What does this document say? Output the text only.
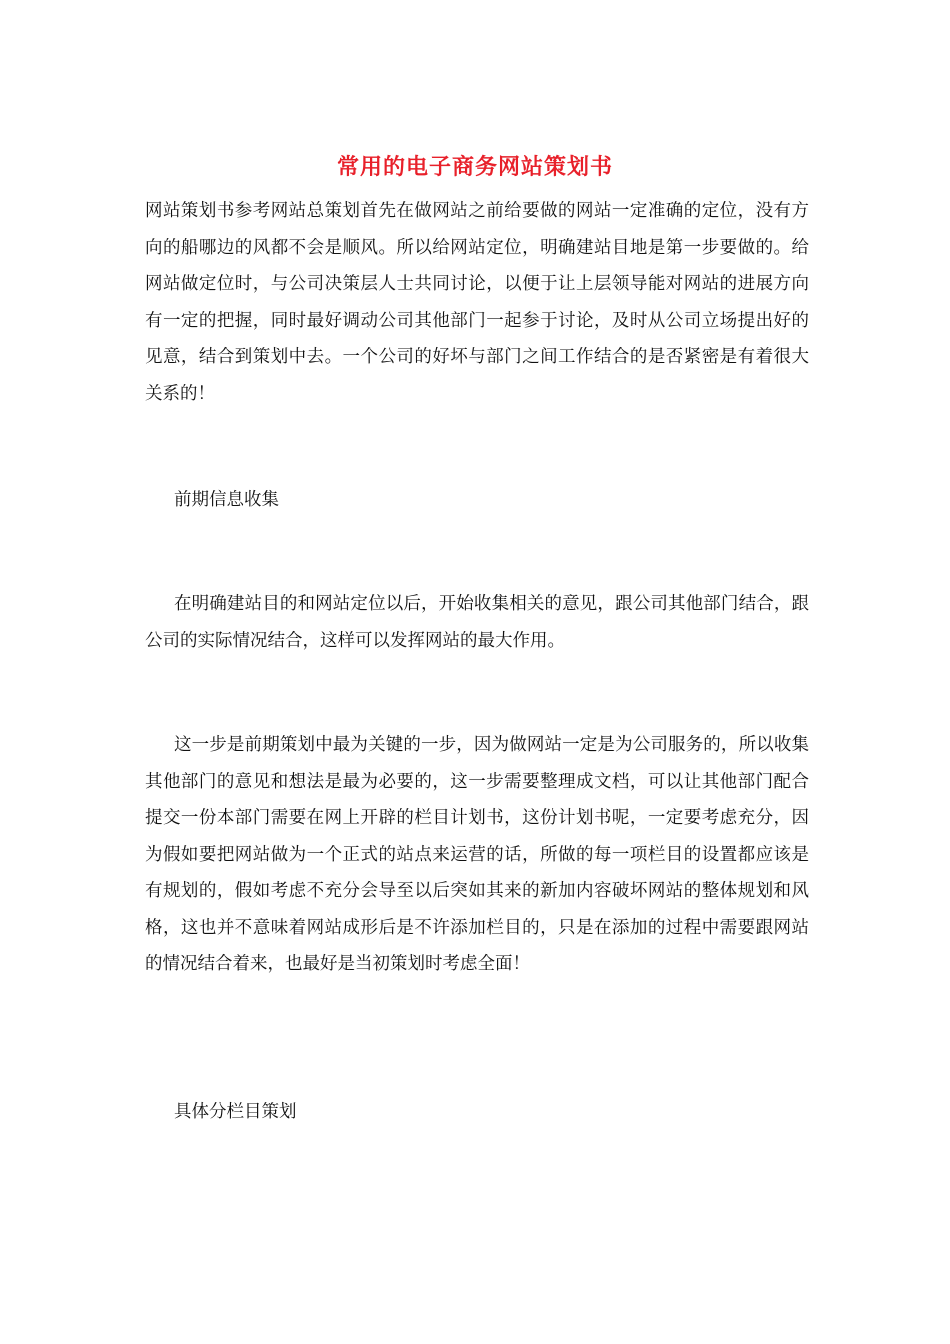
常用的电子商务网站策划书

网站策划书参考网站总策划首先在做网站之前给要做的网站一定准确的定位，没有方向的船哪边的风都不会是顺风。所以给网站定位，明确建站目地是第一步要做的。给网站做定位时，与公司决策层人士共同讨论，以便于让上层领导能对网站的进展方向有一定的把握，同时最好调动公司其他部门一起参于讨论，及时从公司立场提出好的见意，结合到策划中去。一个公司的好坏与部门之间工作结合的是否紧密是有着很大关系的！

前期信息收集

在明确建站目的和网站定位以后，开始收集相关的意见，跟公司其他部门结合，跟公司的实际情况结合，这样可以发挥网站的最大作用。

这一步是前期策划中最为关键的一步，因为做网站一定是为公司服务的，所以收集其他部门的意见和想法是最为必要的，这一步需要整理成文档，可以让其他部门配合提交一份本部门需要在网上开辟的栏目计划书，这份计划书呢，一定要考虑充分，因为假如要把网站做为一个正式的站点来运营的话，所做的每一项栏目的设置都应该是有规划的，假如考虑不充分会导至以后突如其来的新加内容破坏网站的整体规划和风格，这也并不意味着网站成形后是不许添加栏目的，只是在添加的过程中需要跟网站的情况结合着来，也最好是当初策划时考虑全面！

具体分栏目策划
